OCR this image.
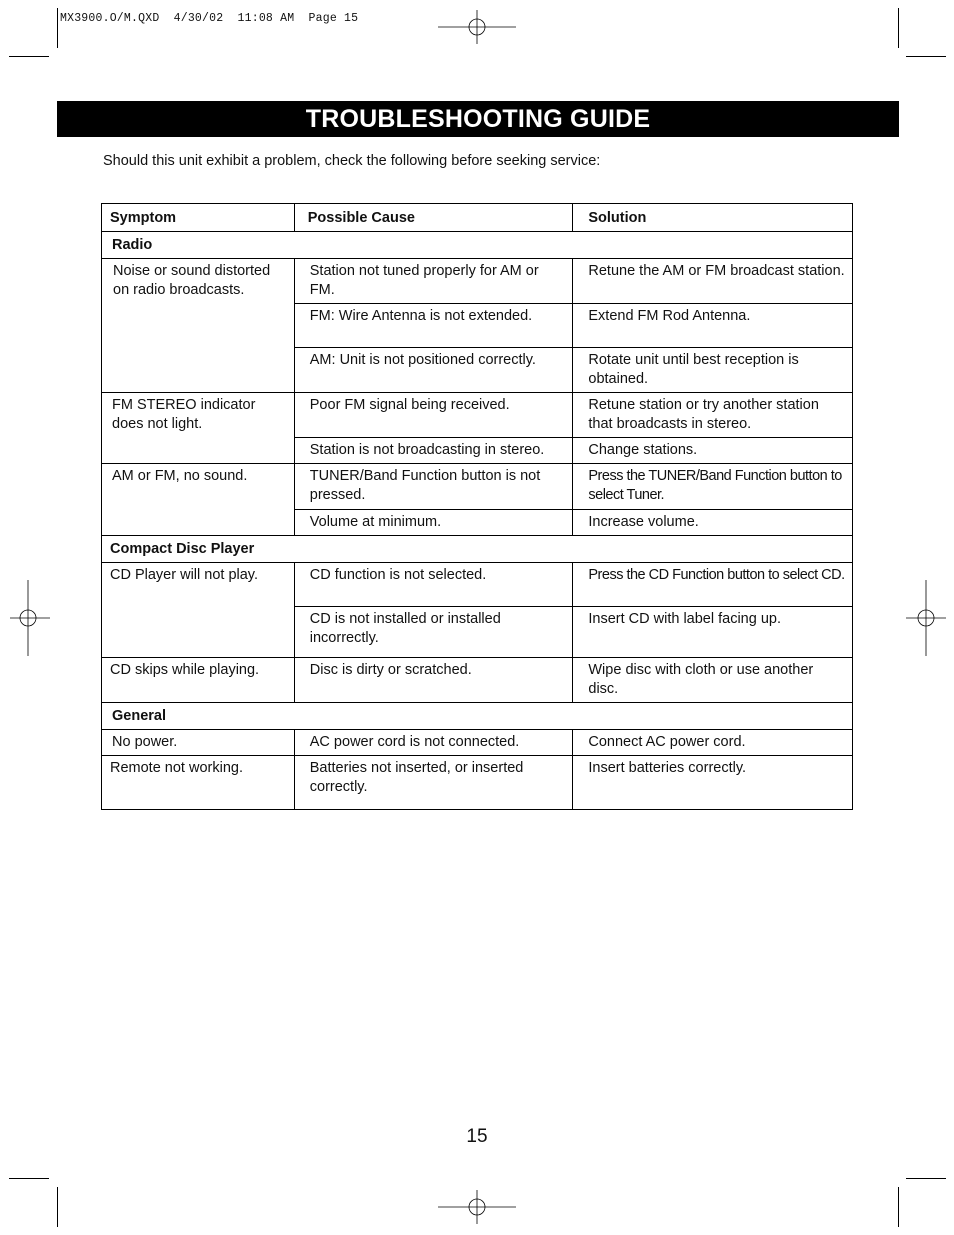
MX3900.O/M.QXD  4/30/02  11:08 AM  Page 15
TROUBLESHOOTING GUIDE
Should this unit exhibit a problem, check the following before seeking service:
Symptom	Possible Cause	Solution
Radio		
Noise or sound distorted on radio broadcasts.	Station not tuned properly for AM or FM.	Retune the AM or FM broadcast station.
	FM: Wire Antenna is not extended.	Extend FM Rod Antenna.
	AM: Unit is not positioned correctly.	Rotate unit until best reception is obtained.
FM STEREO indicator does not light.	Poor FM signal being received.	Retune station or try another station that broadcasts in stereo.
	Station is not broadcasting in stereo.	Change stations.
AM or FM, no sound.	TUNER/Band Function button is not pressed.	Press the TUNER/Band Function button to select Tuner.
	Volume at minimum.	Increase volume.
Compact Disc Player		
CD Player will not play.	CD function is not selected.	Press the CD Function button to select CD.
	CD is not installed or installed incorrectly.	Insert CD with label facing up.
CD skips while playing.	Disc is dirty or scratched.	Wipe disc with cloth or use another disc.
General		
No power.	AC power cord is not connected.	Connect AC power cord.
Remote not working.	Batteries not inserted, or inserted correctly.	Insert batteries correctly.
15
